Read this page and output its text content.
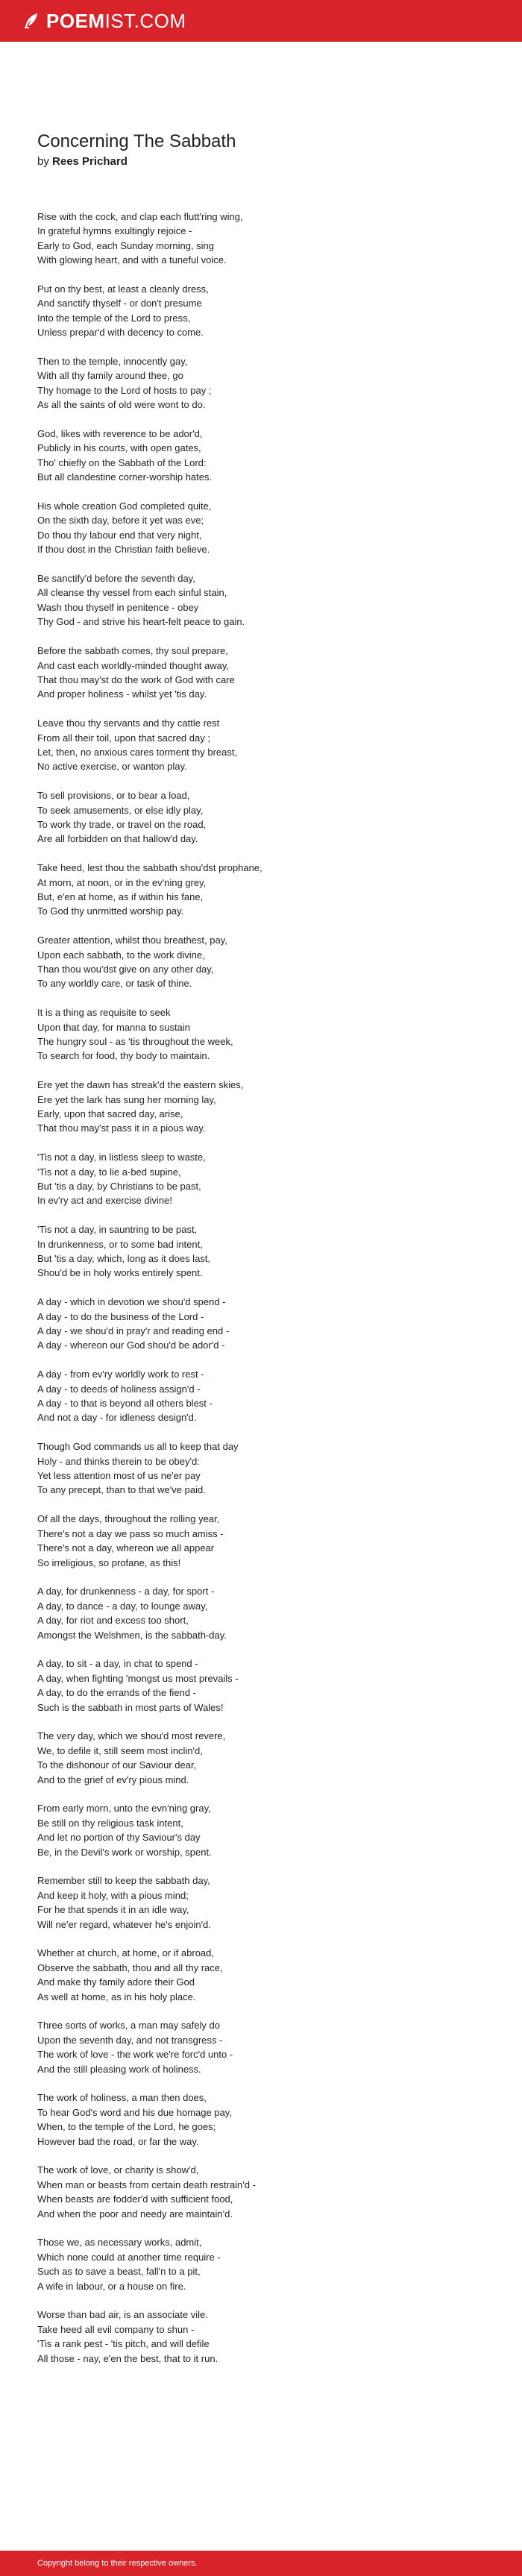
POEM IST.COM
Concerning The Sabbath
by Rees Prichard

Rise with the cock, and clap each flutt'ring wing,
In grateful hymns exultingly rejoice -
Early to God, each Sunday morning, sing
With glowing heart, and with a tuneful voice.

Put on thy best, at least a cleanly dress,
And sanctify thyself - or don't presume
Into the temple of the Lord to press,
Unless prepar'd with decency to come.

Then to the temple, innocently gay,
With all thy family around thee, go
Thy homage to the Lord of hosts to pay ;
As all the saints of old were wont to do.

God, likes with reverence to be ador'd,
Publicly in his courts, with open gates,
Tho' chiefly on the Sabbath of the Lord:
But all clandestine corner-worship hates.

His whole creation God completed quite,
On the sixth day, before it yet was eve;
Do thou thy labour end that very night,
If thou dost in the Christian faith believe.

Be sanctify'd before the seventh day,
All cleanse thy vessel from each sinful stain,
Wash thou thyself in penitence - obey
Thy God - and strive his heart-felt peace to gain.

Before the sabbath comes, thy soul prepare,
And cast each worldly-minded thought away,
That thou may'st do the work of God with care
And proper holiness - whilst yet 'tis day.

Leave thou thy servants and thy cattle rest
From all their toil, upon that sacred day ;
Let, then, no anxious cares torment thy breast,
No active exercise, or wanton play.

To sell provisions, or to bear a load,
To seek amusements, or else idly play,
To work thy trade, or travel on the road,
Are all forbidden on that hallow'd day.

Take heed, lest thou the sabbath shou'dst prophane,
At morn, at noon, or in the ev'ning grey,
But, e'en at home, as if within his fane,
To God thy unrmitted worship pay.

Greater attention, whilst thou breathest, pay,
Upon each sabbath, to the work divine,
Than thou wou'dst give on any other day,
To any worldly care, or task of thine.

It is a thing as requisite to seek
Upon that day, for manna to sustain
The hungry soul - as 'tis throughout the week,
To search for food, thy body to maintain.

Ere yet the dawn has streak'd the eastern skies,
Ere yet the lark has sung her morning lay,
Early, upon that sacred day, arise,
That thou may'st pass it in a pious way.

'Tis not a day, in listless sleep to waste,
'Tis not a day, to lie a-bed supine,
But 'tis a day, by Christians to be past,
In ev'ry act and exercise divine!

'Tis not a day, in sauntring to be past,
In drunkenness, or to some bad intent,
But 'tis a day, which, long as it does last,
Shou'd be in holy works entirely spent.

A day - which in devotion we shou'd spend -
A day - to do the business of the Lord -
A day - we shou'd in pray'r and reading end -
A day - whereon our God shou'd be ador'd -

A day - from ev'ry worldly work to rest -
A day - to deeds of holiness assign'd -
A day - to that is beyond all others blest -
And not a day - for idleness design'd.

Though God commands us all to keep that day
Holy - and thinks therein to be obey'd:
Yet less attention most of us ne'er pay
To any precept, than to that we've paid.

Of all the days, throughout the rolling year,
There's not a day we pass so much amiss -
There's not a day, whereon we all appear
So irreligious, so profane, as this!

A day, for drunkenness - a day, for sport -
A day, to dance - a day, to lounge away,
A day, for riot and excess too short,
Amongst the Welshmen, is the sabbath-day.

A day, to sit - a day, in chat to spend -
A day, when fighting 'mongst us most prevails -
A day, to do the errands of the fiend -
Such is the sabbath in most parts of Wales!

The very day, which we shou'd most revere,
We, to defile it, still seem most inclin'd,
To the dishonour of our Saviour dear,
And to the grief of ev'ry pious mind.

From early morn, unto the evn'ning gray,
Be still on thy religious task intent,
And let no portion of thy Saviour's day
Be, in the Devil's work or worship, spent.

Remember still to keep the sabbath day,
And keep it holy, with a pious mind;
For he that spends it in an idle way,
Will ne'er regard, whatever he's enjoin'd.

Whether at church, at home, or if abroad,
Observe the sabbath, thou and all thy race,
And make thy family adore their God
As well at home, as in his holy place.

Three sorts of works, a man may safely do
Upon the seventh day, and not transgress -
The work of love - the work we're forc'd unto -
And the still pleasing work of holiness.

The work of holiness, a man then does,
To hear God's word and his due homage pay,
When, to the temple of the Lord, he goes;
However bad the road, or far the way.

The work of love, or charity is show'd,
When man or beasts from certain death restrain'd -
When beasts are fodder'd with sufficient food,
And when the poor and needy are maintain'd.

Those we, as necessary works, admit,
Which none could at another time require -
Such as to save a beast, fall'n to a pit,
A wife in labour, or a house on fire.

Worse than bad air, is an associate vile.
Take heed all evil company to shun -
'Tis a rank pest - 'tis pitch, and will defile
All those - nay, e'en the best, that to it run.

Copyright belong to their respective owners.
